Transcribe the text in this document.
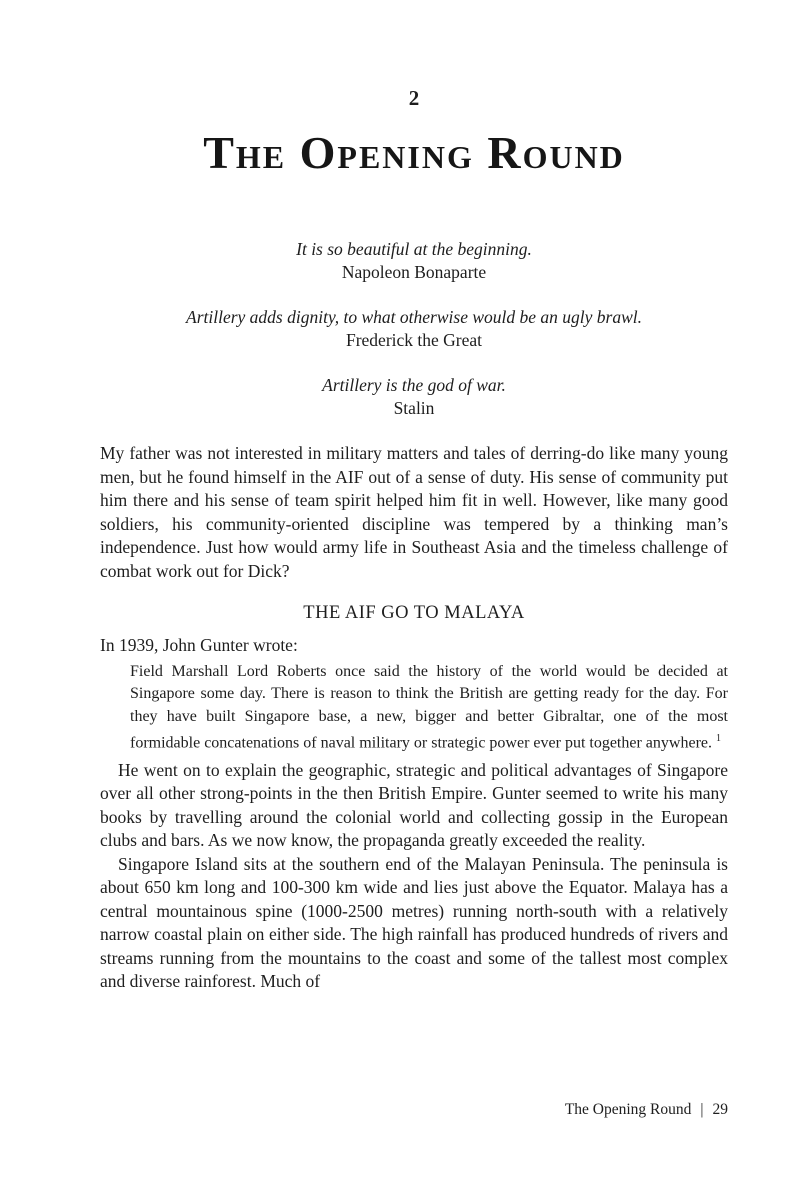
2
The Opening Round
It is so beautiful at the beginning.
Napoleon Bonaparte
Artillery adds dignity, to what otherwise would be an ugly brawl.
Frederick the Great
Artillery is the god of war.
Stalin

My father was not interested in military matters and tales of derring-do like many young men, but he found himself in the AIF out of a sense of duty. His sense of community put him there and his sense of team spirit helped him fit in well. However, like many good soldiers, his community-oriented discipline was tempered by a thinking man’s independence. Just how would army life in Southeast Asia and the timeless challenge of combat work out for Dick?

THE AIF GO TO MALAYA

In 1939, John Gunter wrote:

Field Marshall Lord Roberts once said the history of the world would be decided at Singapore some day. There is reason to think the British are getting ready for the day. For they have built Singapore base, a new, bigger and better Gibraltar, one of the most formidable concatenations of naval military or strategic power ever put together anywhere. $^1$

He went on to explain the geographic, strategic and political advantages of Singapore over all other strong-points in the then British Empire. Gunter seemed to write his many books by travelling around the colonial world and collecting gossip in the European clubs and bars. As we now know, the propaganda greatly exceeded the reality.

Singapore Island sits at the southern end of the Malayan Peninsula. The peninsula is about 650 km long and 100-300 km wide and lies just above the Equator. Malaya has a central mountainous spine (1000-2500 metres) running north-south with a relatively narrow coastal plain on either side. The high rainfall has produced hundreds of rivers and streams running from the mountains to the coast and some of the tallest most complex and diverse rainforest. Much of

The Opening Round | 29
